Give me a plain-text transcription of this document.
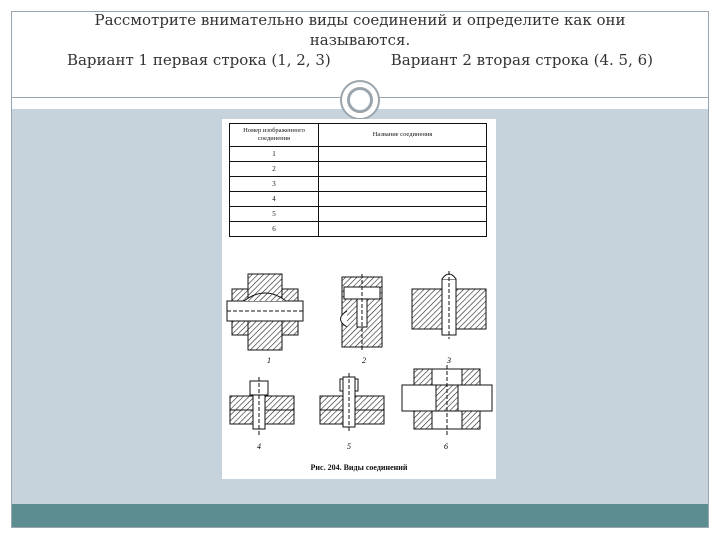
Рассмотрите внимательно виды соединений и определите как они
называются.
Вариант 1 первая строка (1, 2, 3)	Вариант 2 вторая строка (4. 5, 6)
Номер изображенного соединения	Название соединения
1	
2	
3	
4	
5	
6	
1	2	3
4	5	6
Рис. 204. Виды соединений
